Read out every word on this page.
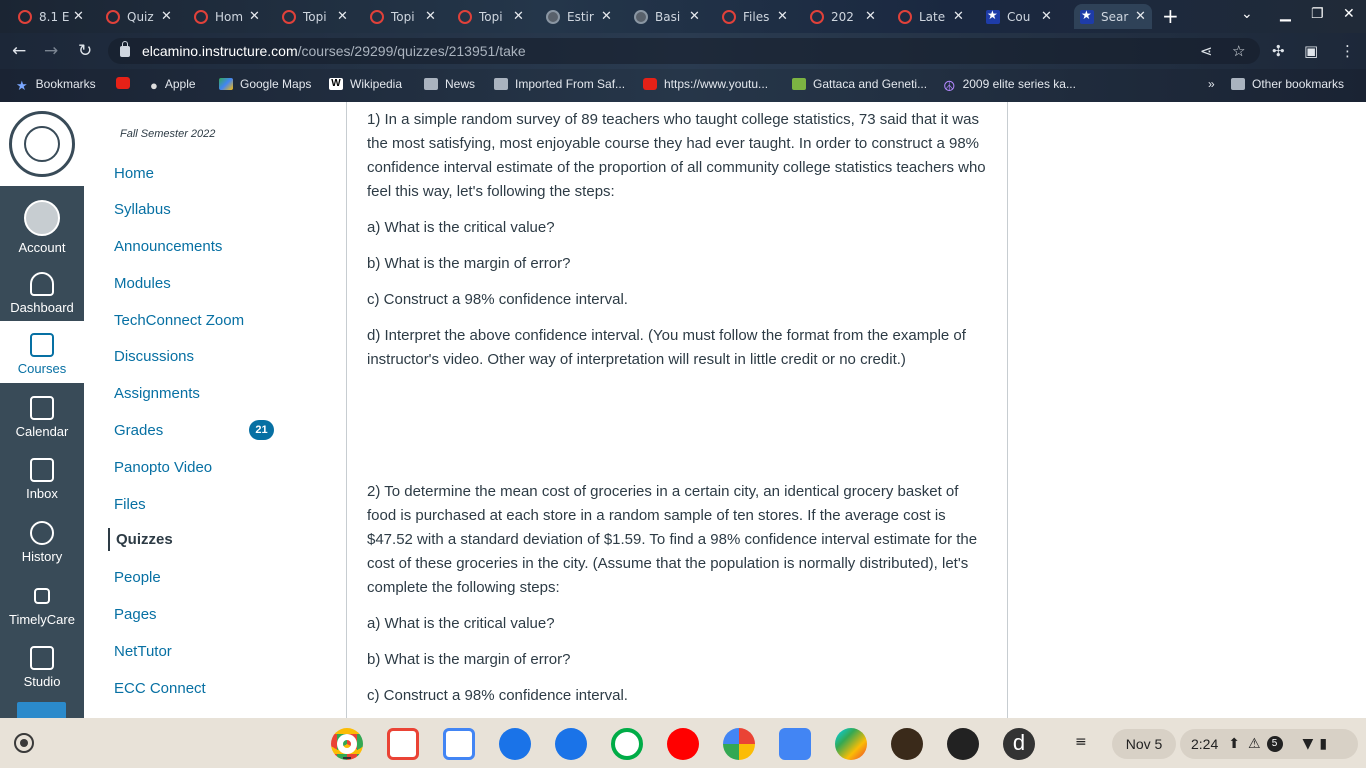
8.1 E ✕	Quiz ✕	Hom ✕	Topi ✕	Topi ✕	Topi ✕	Estir ✕	Basi ✕	Files ✕	202 ✕	Late ✕ ★	Cou ✕ ★	Sear ✕ +	⌄ ▁ ❐ ✕
← → ↻	elcamino.instructure.com/courses/29299/quizzes/213951/take	⋖ ☆ ✣ ▣ ⋮
★ Bookmarks	● Apple	Google Maps W Wikipedia	News	Imported From Saf...	https://www.youtu...	Gattaca and Geneti... ☮ 2009 elite series ka...	»	Other bookmarks
Account
Dashboard
Courses
Calendar
Inbox
History
TimelyCare
Studio
Fall Semester 2022
Home
Syllabus
Announcements
Modules
TechConnect Zoom
Discussions
Assignments
Grades	21
Panopto Video
Files
Quizzes
People
Pages
NetTutor
ECC Connect
1) In a simple random survey of 89 teachers who taught college statistics, 73 said that it was the most satisfying, most enjoyable course they had ever taught. In order to construct a 98% confidence interval estimate of the proportion of all community college statistics teachers who feel this way, let's following the steps:
a) What is the critical value?
b) What is the margin of error?
c) Construct a 98% confidence interval.
d) Interpret the above confidence interval. (You must follow the format from the example of instructor's video. Other way of interpretation will result in little credit or no credit.)
2) To determine the mean cost of groceries in a certain city, an identical grocery basket of food is purchased at each store in a random sample of ten stores. If the average cost is $47.52 with a standard deviation of $1.59. To find a 98% confidence interval estimate for the cost of these groceries in the city. (Assume that the population is normally distributed), let's complete the following steps:
a) What is the critical value?
b) What is the margin of error?
c) Construct a 98% confidence interval.
d	≡	Nov 5 2:24 ⬆ ⚠	5	▼ ▮
